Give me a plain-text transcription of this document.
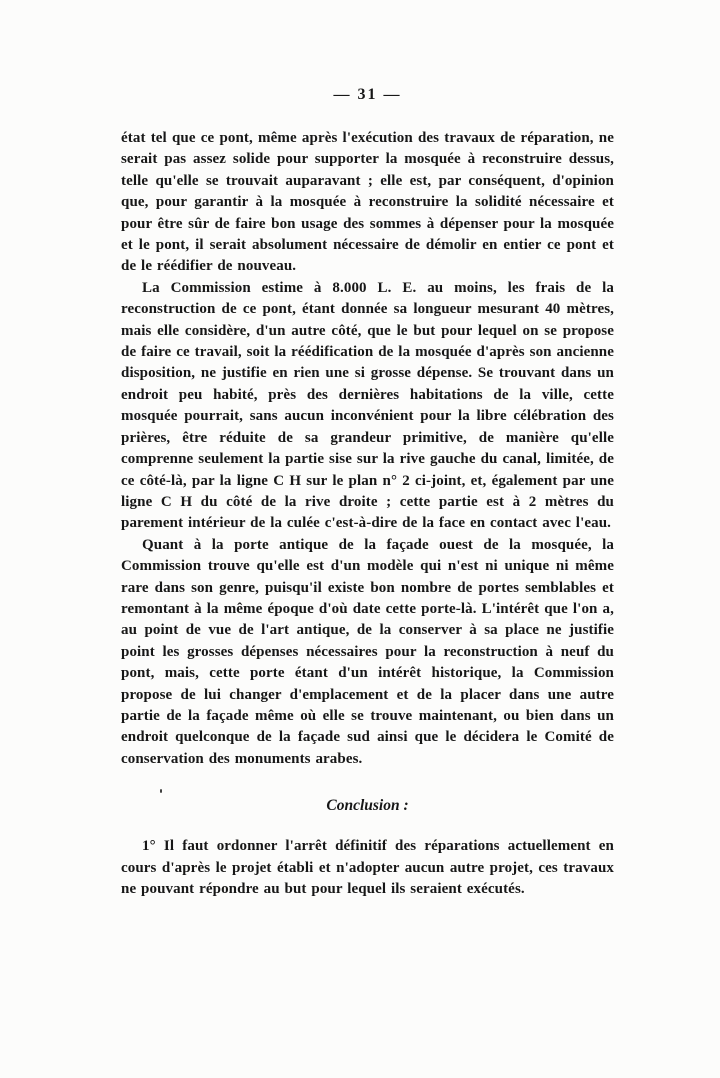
— 31 —

état tel que ce pont, même après l'exécution des travaux de réparation, ne serait pas assez solide pour supporter la mosquée à reconstruire dessus, telle qu'elle se trouvait auparavant ; elle est, par conséquent, d'opinion que, pour garantir à la mosquée à reconstruire la solidité nécessaire et pour être sûr de faire bon usage des sommes à dépenser pour la mosquée et le pont, il serait absolument nécessaire de démolir en entier ce pont et de le réédifier de nouveau.

La Commission estime à 8.000 L. E. au moins, les frais de la reconstruction de ce pont, étant donnée sa longueur mesurant 40 mètres, mais elle considère, d'un autre côté, que le but pour lequel on se propose de faire ce travail, soit la réédification de la mosquée d'après son ancienne disposition, ne justifie en rien une si grosse dépense. Se trouvant dans un endroit peu habité, près des dernières habitations de la ville, cette mosquée pourrait, sans aucun inconvénient pour la libre célébration des prières, être réduite de sa grandeur primitive, de manière qu'elle comprenne seulement la partie sise sur la rive gauche du canal, limitée, de ce côté-là, par la ligne C H sur le plan n° 2 ci-joint, et, également par une ligne C H du côté de la rive droite ; cette partie est à 2 mètres du parement intérieur de la culée c'est-à-dire de la face en contact avec l'eau.

Quant à la porte antique de la façade ouest de la mosquée, la Commission trouve qu'elle est d'un modèle qui n'est ni unique ni même rare dans son genre, puisqu'il existe bon nombre de portes semblables et remontant à la même époque d'où date cette porte-là. L'intérêt que l'on a, au point de vue de l'art antique, de la conserver à sa place ne justifie point les grosses dépenses nécessaires pour la reconstruction à neuf du pont, mais, cette porte étant d'un intérêt historique, la Commission propose de lui changer d'emplacement et de la placer dans une autre partie de la façade même où elle se trouve maintenant, ou bien dans un endroit quelconque de la façade sud ainsi que le décidera le Comité de conservation des monuments arabes.

Conclusion :

1° Il faut ordonner l'arrêt définitif des réparations actuellement en cours d'après le projet établi et n'adopter aucun autre projet, ces travaux ne pouvant répondre au but pour lequel ils seraient exécutés.
